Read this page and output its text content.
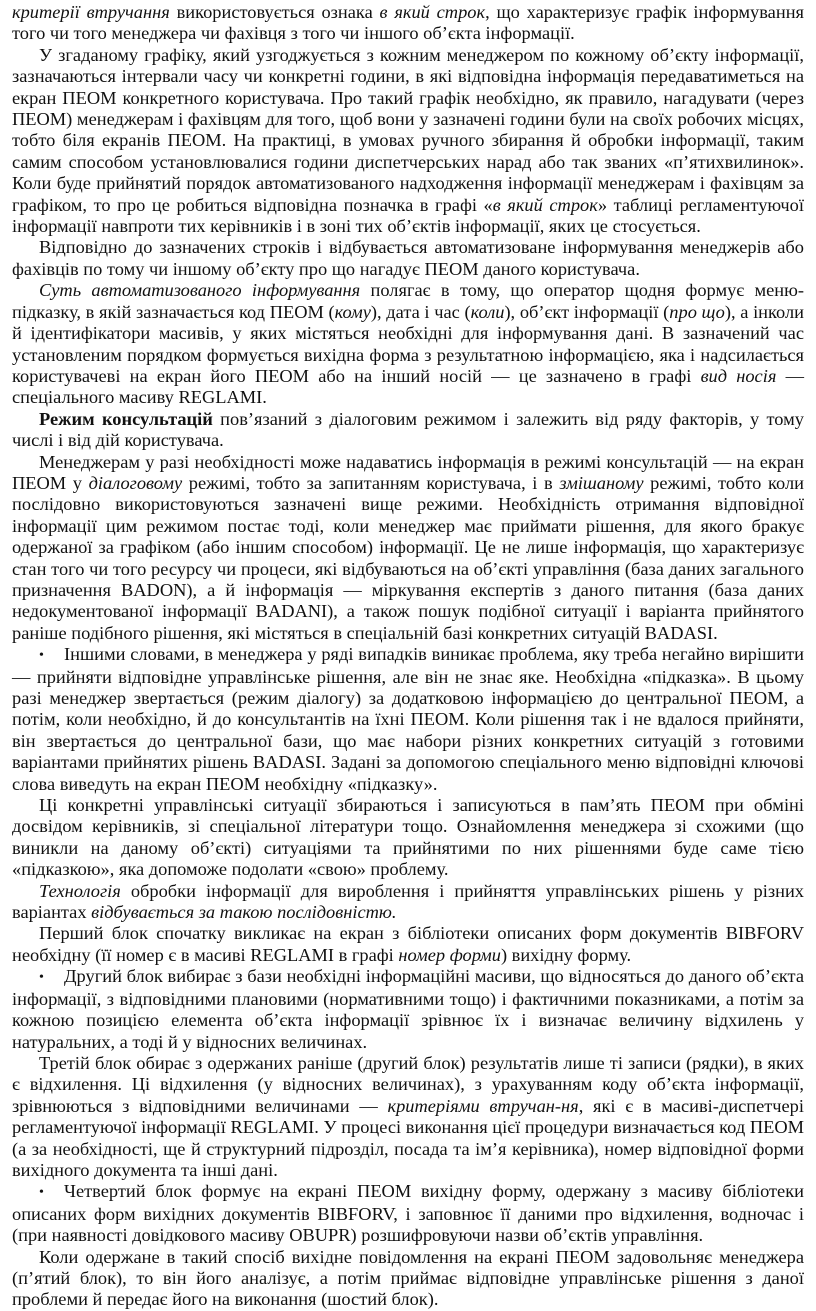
критерії втручання використовується ознака в який строк, що характеризує графік інформування того чи того менеджера чи фахівця з того чи іншого об’єкта інформації.

У згаданому графіку, який узгоджується з кожним менеджером по кожному об’єкту інформації, зазначаються інтервали часу чи конкретні години, в які відповідна інформація передаватиметься на екран ПЕОМ конкретного користувача. Про такий графік необхідно, як правило, нагадувати (через ПЕОМ) менеджерам і фахівцям для того, щоб вони у зазначені години були на своїх робочих місцях, тобто біля екранів ПЕОМ. На практиці, в умовах ручного збирання й обробки інформації, таким самим способом установлювалися години диспетчерських нарад або так званих «п’ятихвилинок». Коли буде прийнятий порядок автоматизованого надходження інформації менеджерам і фахівцям за графіком, то про це робиться відповідна позначка в графі «в який строк» таблиці регламентуючої інформації навпроти тих керівників і в зоні тих об’єктів інформації, яких це стосується.

Відповідно до зазначених строків і відбувається автоматизоване інформування менеджерів або фахівців по тому чи іншому об’єкту про що нагадує ПЕОМ даного користувача.

Суть автоматизованого інформування полягає в тому, що оператор щодня формує меню-підказку, в якій зазначається код ПЕОМ (кому), дата і час (коли), об’єкт інформації (про що), а інколи й ідентифікатори масивів, у яких містяться необхідні для інформування дані. В зазначений час установленим порядком формується вихідна форма з результатною інформацією, яка і надсилається користувачеві на екран його ПЕОМ або на інший носій — це зазначено в графі вид носія — спеціального масиву REGLAMI.

Режим консультацій пов’язаний з діалоговим режимом і залежить від ряду факторів, у тому числі і від дій користувача.

Менеджерам у разі необхідності може надаватись інформація в режимі консультацій — на екран ПЕОМ у діалоговому режимі, тобто за запитанням користувача, і в змішаному режимі, тобто коли послідовно використовуються зазначені вище режими. Необхідність отримання відповідної інформації цим режимом постає тоді, коли менеджер має приймати рішення, для якого бракує одержаної за графіком (або іншим способом) інформації. Це не лише інформація, що характеризує стан того чи того ресурсу чи процеси, які відбуваються на об’єкті управління (база даних загального призначення BADON), а й інформація — міркування експертів з даного питання (база даних недокументованої інформації BADANI), а також пошук подібної ситуації і варіанта прийнятого раніше подібного рішення, які містяться в спеціальній базі конкретних ситуацій BADASI.

• Іншими словами, в менеджера у ряді випадків виникає проблема, яку треба негайно вирішити — прийняти відповідне управлінське рішення, але він не знає яке. Необхідна «підказка». В цьому разі менеджер звертається (режим діалогу) за додатковою інформацією до центральної ПЕОМ, а потім, коли необхідно, й до консультантів на їхні ПЕОМ. Коли рішення так і не вдалося прийняти, він звертається до центральної бази, що має набори різних конкретних ситуацій з готовими варіантами прийнятих рішень BADASI. Задані за допомогою спеціального меню відповідні ключові слова виведуть на екран ПЕОМ необхідну «підказку».

Ці конкретні управлінські ситуації збираються і записуються в пам’ять ПЕОМ при обміні досвідом керівників, зі спеціальної літератури тощо. Ознайомлення менеджера зі схожими (що виникли на даному об’єкті) ситуаціями та прийнятими по них рішеннями буде саме тією «підказкою», яка допоможе подолати «свою» проблему.

Технологія обробки інформації для вироблення і прийняття управлінських рішень у різних варіантах відбувається за такою послідовністю.

Перший блок спочатку викликає на екран з бібліотеки описаних форм документів BIBFORV необхідну (її номер є в масиві REGLAMI в графі номер форми) вихідну форму.

• Другий блок вибирає з бази необхідні інформаційні масиви, що відносяться до даного об’єкта інформації, з відповідними плановими (нормативними тощо) і фактичними показниками, а потім за кожною позицією елемента об’єкта інформації зрівнює їх і визначає величину відхилень у натуральних, а тоді й у відносних величинах.

Третій блок обирає з одержаних раніше (другий блок) результатів лише ті записи (рядки), в яких є відхилення. Ці відхилення (у відносних величинах), з урахуванням коду об’єкта інформації, зрівнюються з відповідними величинами — критеріями втручан-ня, які є в масиві-диспетчері регламентуючої інформації REGLAMI. У процесі виконання цієї процедури визначається код ПЕОМ (а за необхідності, ще й структурний підрозділ, посада та ім’я керівника), номер відповідної форми вихідного документа та інші дані.

• Четвертий блок формує на екрані ПЕОМ вихідну форму, одержану з масиву бібліотеки описаних форм вихідних документів BIBFORV, і заповнює її даними про відхилення, водночас і (при наявності довідкового масиву OBUPR) розшифровуючи назви об’єктів управління.

Коли одержане в такий спосіб вихідне повідомлення на екрані ПЕОМ задовольняє менеджера (п’ятий блок), то він його аналізує, а потім приймає відповідне управлінське рішення з даної проблеми й передає його на виконання (шостий блок).
